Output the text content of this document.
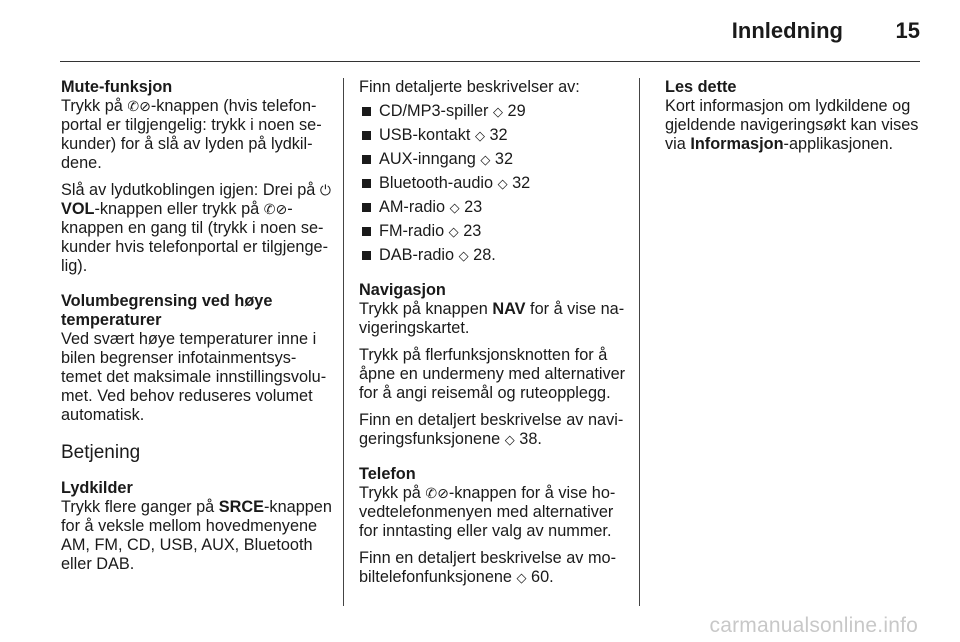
Innledning 15

Mute-funksjon

Trykk på ✆⊘-knappen (hvis telefon-portal er tilgjengelig: trykk i noen se-kunder) for å slå av lyden på lydkil-dene.

Slå av lydutkoblingen igjen: Drei på ⏻ VOL-knappen eller trykk på ✆⊘-knappen en gang til (trykk i noen se-kunder hvis telefonportal er tilgjenge-lig).

Volumbegrensing ved høye temperaturer

Ved svært høye temperaturer inne i bilen begrenser infotainmentsys-temet det maksimale innstillingsvolu-met. Ved behov reduseres volumet automatisk.

Betjening

Lydkilder

Trykk flere ganger på SRCE-knappen for å veksle mellom hovedmenyene AM, FM, CD, USB, AUX, Bluetooth eller DAB.

Finn detaljerte beskrivelser av:

CD/MP3-spiller ◇ 29
USB-kontakt ◇ 32
AUX-inngang ◇ 32
Bluetooth-audio ◇ 32
AM-radio ◇ 23
FM-radio ◇ 23
DAB-radio ◇ 28.

Navigasjon

Trykk på knappen NAV for å vise na-vigeringskartet.

Trykk på flerfunksjonsknotten for å åpne en undermeny med alternativer for å angi reisemål og ruteopplegg.

Finn en detaljert beskrivelse av navi-geringsfunksjonene ◇ 38.

Telefon

Trykk på ✆⊘-knappen for å vise ho-vedtelefonmenyen med alternativer for inntasting eller valg av nummer.

Finn en detaljert beskrivelse av mo-biltelefonfunksjonene ◇ 60.

Les dette

Kort informasjon om lydkildene og gjeldende navigeringsøkt kan vises via Informasjon-applikasjonen.

carmanualsonline.info
